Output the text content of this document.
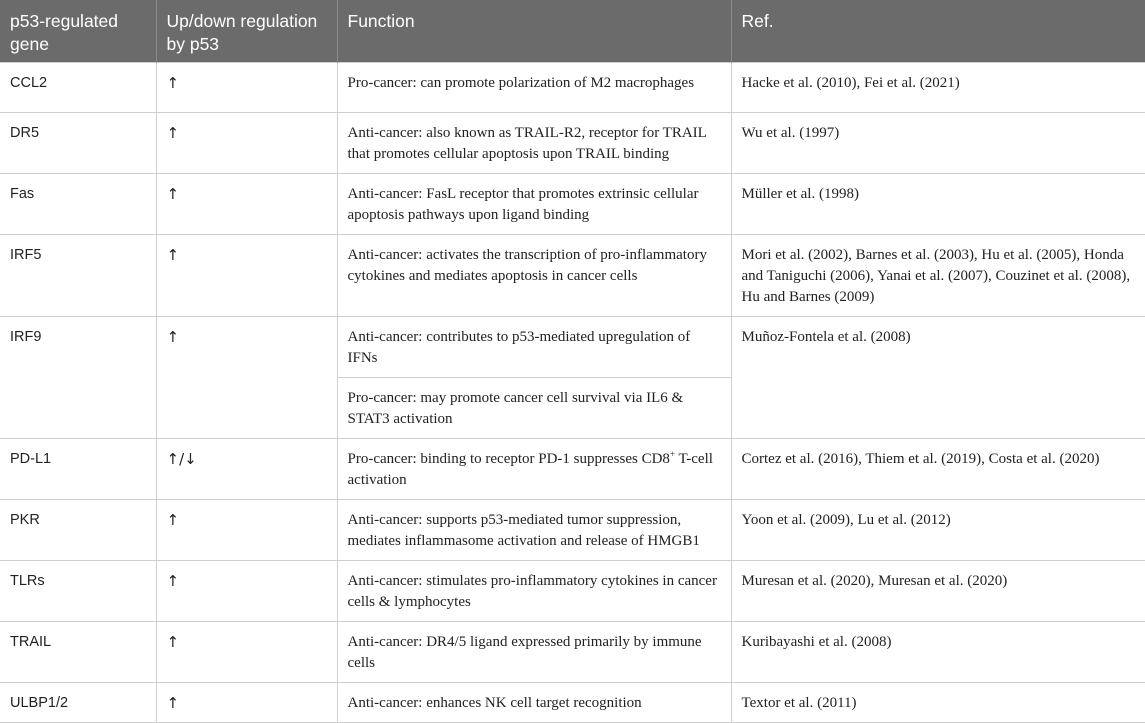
p53-regulated gene	Up/down regulation by p53	Function	Ref.
CCL2	↑	Pro-cancer: can promote polarization of M2 macrophages	Hacke et al. (2010), Fei et al. (2021)
DR5	↑	Anti-cancer: also known as TRAIL-R2, receptor for TRAIL that promotes cellular apoptosis upon TRAIL binding	Wu et al. (1997)
Fas	↑	Anti-cancer: FasL receptor that promotes extrinsic cellular apoptosis pathways upon ligand binding	Müller et al. (1998)
IRF5	↑	Anti-cancer: activates the transcription of pro-inflammatory cytokines and mediates apoptosis in cancer cells	Mori et al. (2002), Barnes et al. (2003), Hu et al. (2005), Honda and Taniguchi (2006), Yanai et al. (2007), Couzinet et al. (2008), Hu and Barnes (2009)
IRF9	↑	Anti-cancer: contributes to p53-mediated upregulation of IFNs	Muñoz-Fontela et al. (2008)
		Pro-cancer: may promote cancer cell survival via IL6 & STAT3 activation	
PD-L1	↑/↓	Pro-cancer: binding to receptor PD-1 suppresses CD8+ T-cell activation	Cortez et al. (2016), Thiem et al. (2019), Costa et al. (2020)
PKR	↑	Anti-cancer: supports p53-mediated tumor suppression, mediates inflammasome activation and release of HMGB1	Yoon et al. (2009), Lu et al. (2012)
TLRs	↑	Anti-cancer: stimulates pro-inflammatory cytokines in cancer cells & lymphocytes	Muresan et al. (2020), Muresan et al. (2020)
TRAIL	↑	Anti-cancer: DR4/5 ligand expressed primarily by immune cells	Kuribayashi et al. (2008)
ULBP1/2	↑	Anti-cancer: enhances NK cell target recognition	Textor et al. (2011)
